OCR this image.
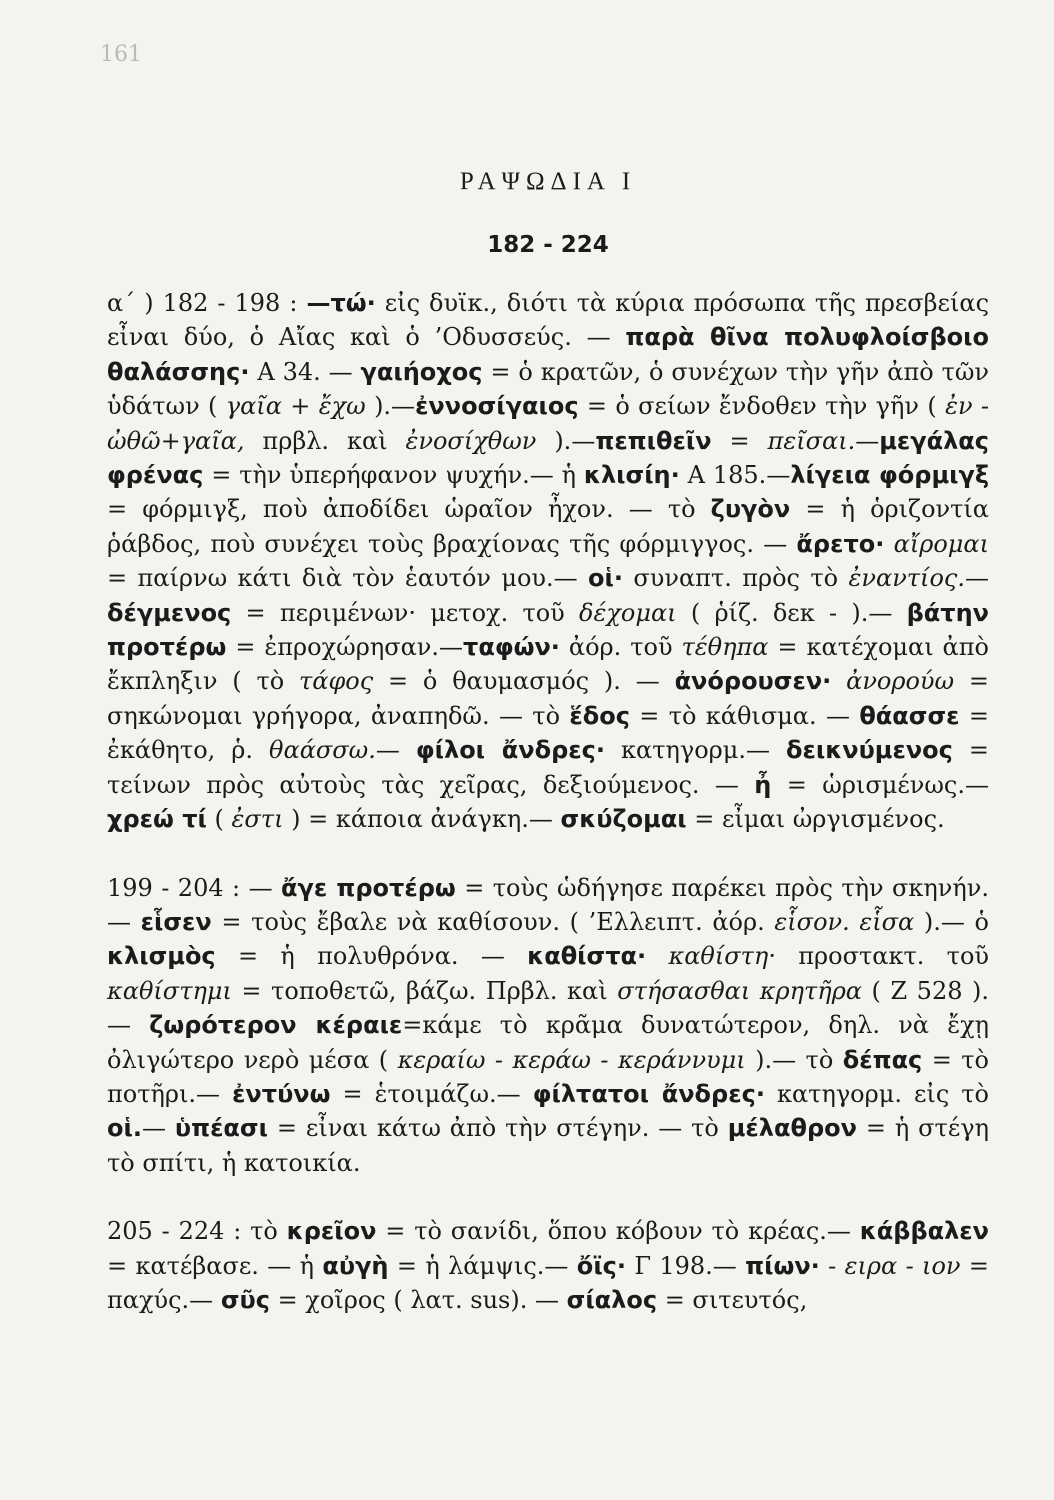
161
ΡΑΨΩΔΙΑ Ι
182 - 224

α΄ ) 182 - 198 : —τώ· εἰς δυϊκ., διότι τὰ κύρια πρόσωπα τῆς πρεσβείας εἶναι δύο, ὁ Αἴας καὶ ὁ ’Οδυσσεύς. — παρὰ θῖνα πολυφλοίσβοιο θαλάσσης· Α 34. — γαιήοχος = ὁ κρατῶν, ὁ συνέχων τὴν γῆν ἀπὸ τῶν ὑδάτων ( γαῖα + ἔχω ).—ἐννοσίγαιος = ὁ σείων ἔνδοθεν τὴν γῆν ( ἐν - ὠθῶ+γαῖα, πρβλ. καὶ ἐνοσίχθων ).—πεπιθεῖν = πεῖσαι.—μεγάλας φρένας = τὴν ὑπερήφανον ψυχήν.— ἡ κλισίη· Α 185.—λίγεια φόρμιγξ = φόρμιγξ, ποὺ ἀποδίδει ὡραῖον ἦχον. — τὸ ζυγὸν = ἡ ὁριζοντία ῥάβδος, ποὺ συνέχει τοὺς βραχίονας τῆς φόρμιγγος. — ἄρετο· αἴρομαι = παίρνω κάτι διὰ τὸν ἑαυτόν μου.— οἱ· συναπτ. πρὸς τὸ ἐναντίος.— δέγμενος = περιμένων· μετοχ. τοῦ δέχομαι ( ῥίζ. δεκ - ).— βάτην προτέρω = ἐπροχώρησαν.—ταφών· ἀόρ. τοῦ τέθηπα = κατέχομαι ἀπὸ ἔκπληξιν ( τὸ τάφος = ὁ θαυμασμός ). — ἀνόρουσεν· ἀνορούω = σηκώνομαι γρήγορα, ἀναπηδῶ. — τὸ ἕδος = τὸ κάθισμα. — θάασσε = ἐκάθητο, ῥ. θαάσσω.— φίλοι ἄνδρες· κατηγορμ.— δεικνύμενος = τείνων πρὸς αὐτοὺς τὰς χεῖρας, δεξιούμενος. — ἦ = ὡρισμένως.— χρεώ τί ( ἐστι ) = κάποια ἀνάγκη.— σκύζομαι = εἶμαι ὠργισμένος.

199 - 204 : — ἄγε προτέρω = τοὺς ὡδήγησε παρέκει πρὸς τὴν σκηνήν.— εἷσεν = τοὺς ἔβαλε νὰ καθίσουν. ( ’Ελλειπτ. ἀόρ. εἷσον. εἷσα ).— ὁ κλισμὸς = ἡ πολυθρόνα. — καθίστα· καθίστη· προστακτ. τοῦ καθίστημι = τοποθετῶ, βάζω. Πρβλ. καὶ στήσασθαι κρητῆρα ( Ζ 528 ).— ζωρότερον κέραιε=κάμε τὸ κρᾶμα δυνατώτερον, δηλ. νὰ ἔχῃ ὀλιγώτερο νερὸ μέσα ( κεραίω - κεράω - κεράννυμι ).— τὸ δέπας = τὸ ποτῆρι.— ἐντύνω = ἑτοιμάζω.— φίλτατοι ἄνδρες· κατηγορμ. εἰς τὸ οἱ.— ὑπέασι = εἶναι κάτω ἀπὸ τὴν στέγην. — τὸ μέλαθρον = ἡ στέγη τὸ σπίτι, ἡ κατοικία.

205 - 224 : τὸ κρεῖον = τὸ σανίδι, ὅπου κόβουν τὸ κρέας.— κάββαλεν = κατέβασε. — ἡ αὐγὴ = ἡ λάμψις.— ὄϊς· Γ 198.— πίων· - ειρα - ιον = παχύς.— σῦς = χοῖρος ( λατ. sus). — σίαλος = σιτευτός,
